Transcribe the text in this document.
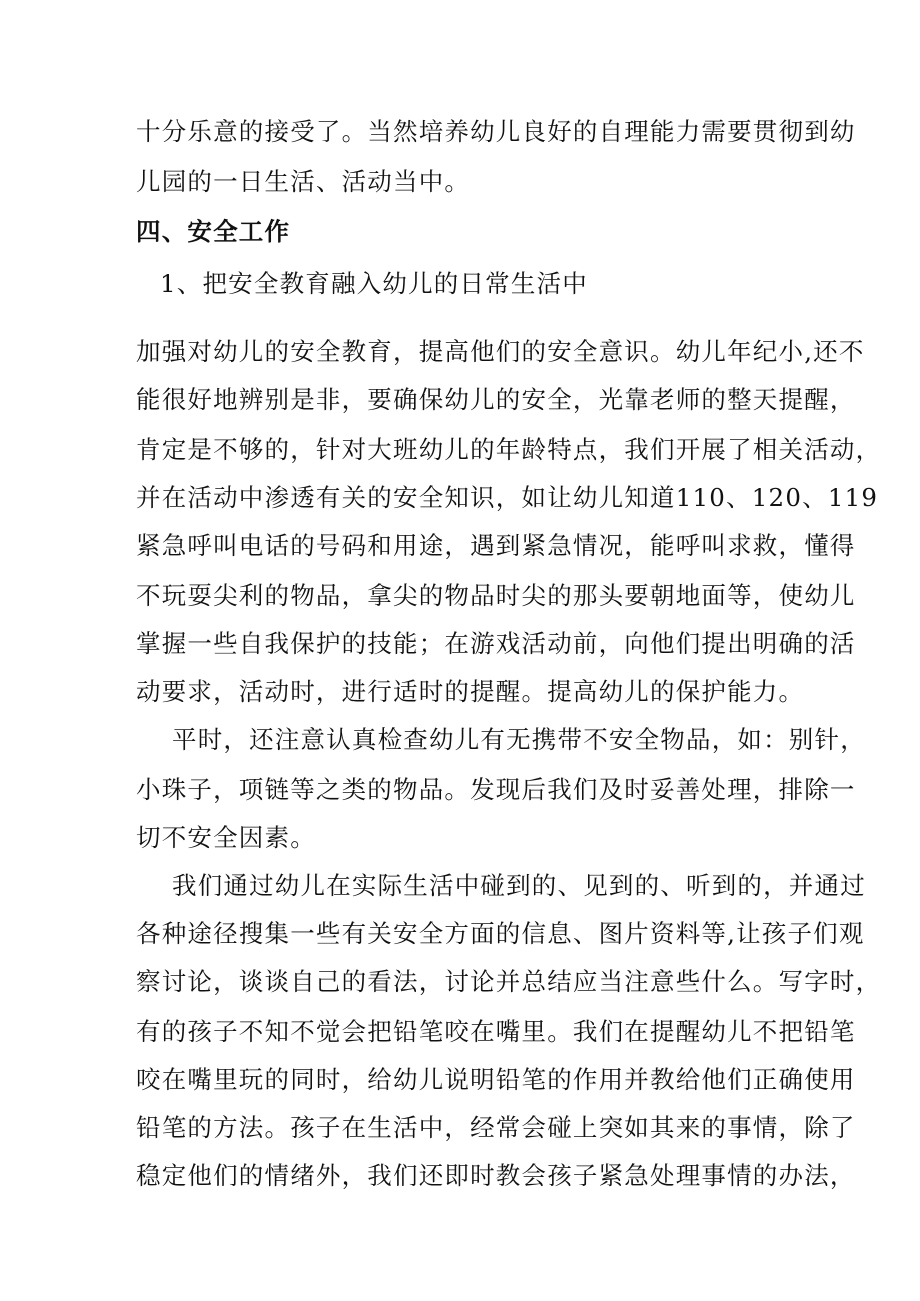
十分乐意的接受了。当然培养幼儿良好的自理能力需要贯彻到幼
儿园的一日生活、活动当中。
四、安全工作
1、把安全教育融入幼儿的日常生活中
加强对幼儿的安全教育，提高他们的安全意识。幼儿年纪小,还不
能很好地辨别是非，要确保幼儿的安全，光靠老师的整天提醒，
肯定是不够的，针对大班幼儿的年龄特点，我们开展了相关活动，
并在活动中渗透有关的安全知识，如让幼儿知道110、120、119
紧急呼叫电话的号码和用途，遇到紧急情况，能呼叫求救，懂得
不玩耍尖利的物品，拿尖的物品时尖的那头要朝地面等，使幼儿
掌握一些自我保护的技能；在游戏活动前，向他们提出明确的活
动要求，活动时，进行适时的提醒。提高幼儿的保护能力。
平时，还注意认真检查幼儿有无携带不安全物品，如：别针，
小珠子，项链等之类的物品。发现后我们及时妥善处理，排除一
切不安全因素。
我们通过幼儿在实际生活中碰到的、见到的、听到的，并通过
各种途径搜集一些有关安全方面的信息、图片资料等,让孩子们观
察讨论，谈谈自己的看法，讨论并总结应当注意些什么。写字时，
有的孩子不知不觉会把铅笔咬在嘴里。我们在提醒幼儿不把铅笔
咬在嘴里玩的同时，给幼儿说明铅笔的作用并教给他们正确使用
铅笔的方法。孩子在生活中，经常会碰上突如其来的事情，除了
稳定他们的情绪外，我们还即时教会孩子紧急处理事情的办法，
